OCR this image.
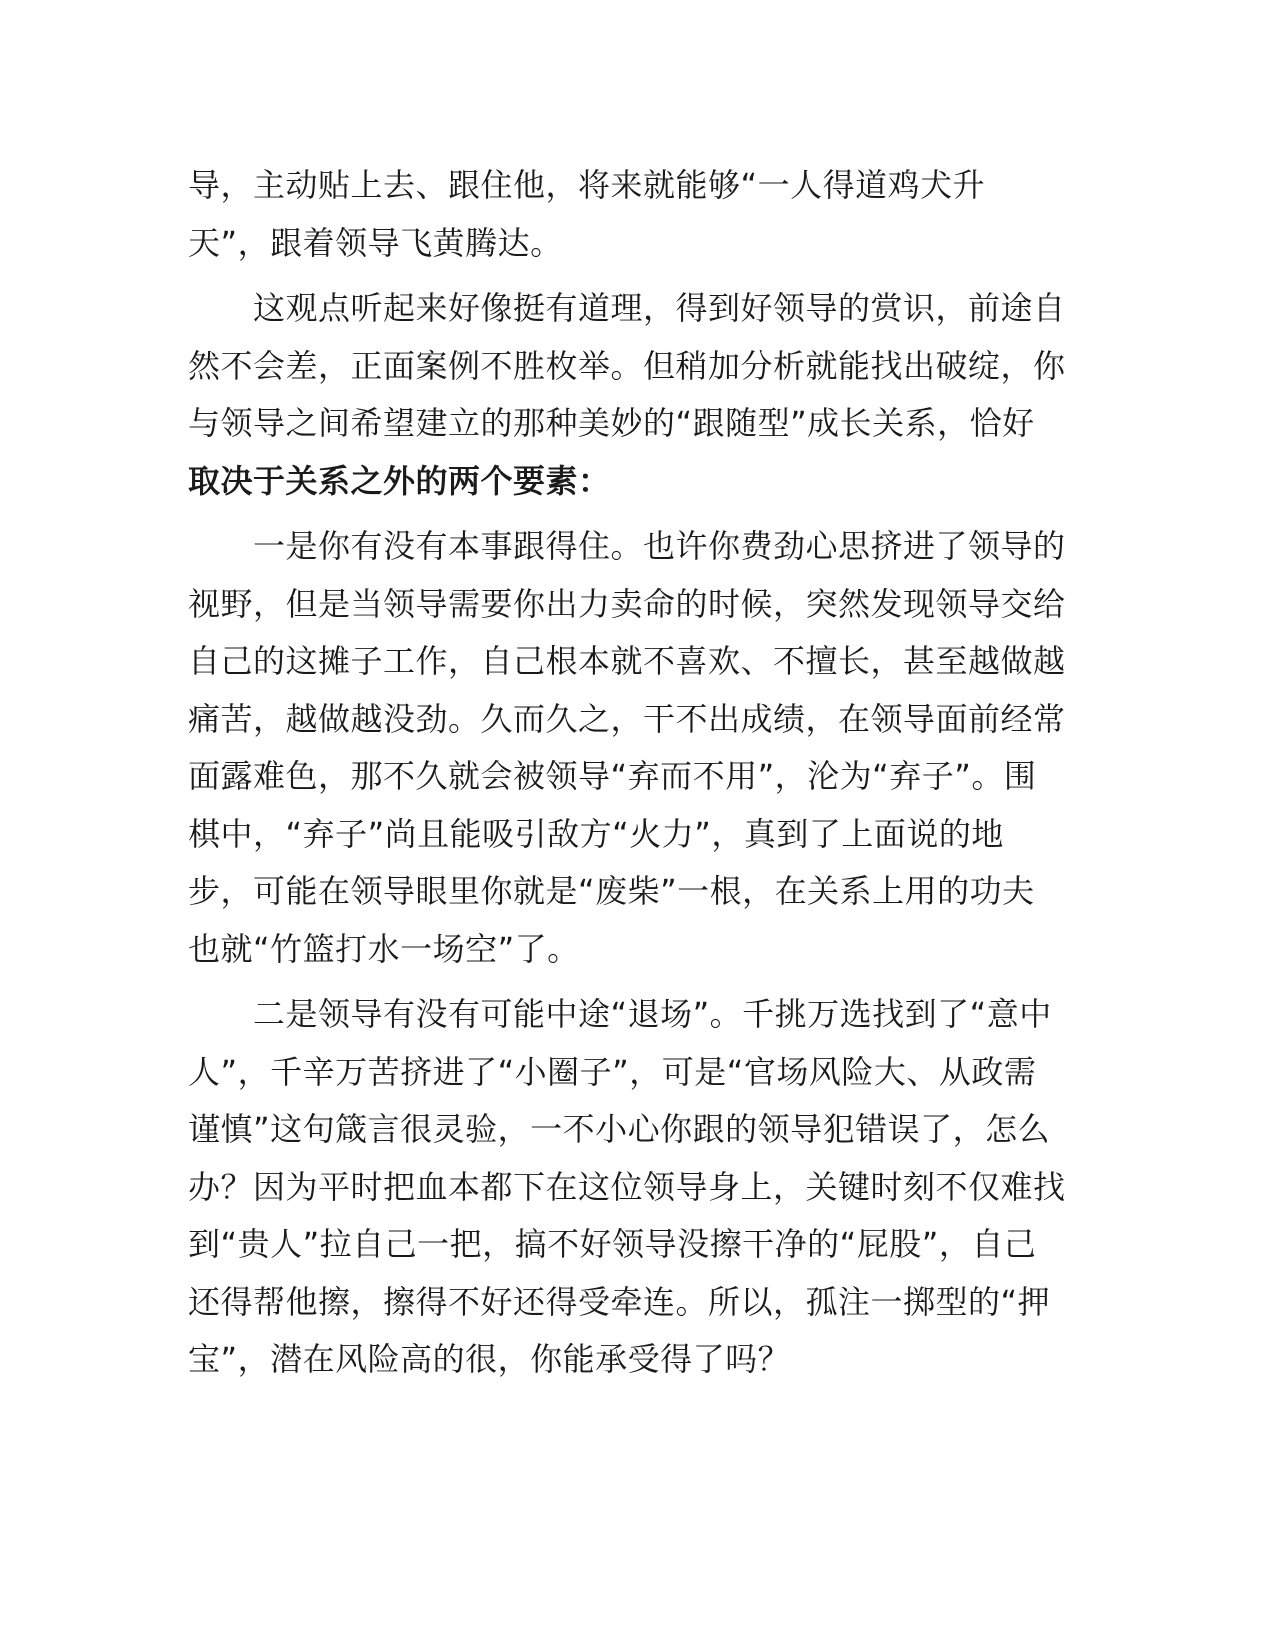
导，主动贴上去、跟住他，将来就能够“一人得道鸡犬升
天”，跟着领导飞黄腾达。
这观点听起来好像挺有道理，得到好领导的赏识，前途自
然不会差，正面案例不胜枚举。但稍加分析就能找出破绽，你
与领导之间希望建立的那种美妙的“跟随型”成长关系，恰好
取决于关系之外的两个要素：
一是你有没有本事跟得住。也许你费劲心思挤进了领导的
视野，但是当领导需要你出力卖命的时候，突然发现领导交给
自己的这摊子工作，自己根本就不喜欢、不擅长，甚至越做越
痛苦，越做越没劲。久而久之，干不出成绩，在领导面前经常
面露难色，那不久就会被领导“弃而不用”，沦为“弃子”。围
棋中，“弃子”尚且能吸引敌方“火力”，真到了上面说的地
步，可能在领导眼里你就是“废柴”一根，在关系上用的功夫
也就“竹篮打水一场空”了。
二是领导有没有可能中途“退场”。千挑万选找到了“意中
人”，千辛万苦挤进了“小圈子”，可是“官场风险大、从政需
谨慎”这句箴言很灵验，一不小心你跟的领导犯错误了，怎么
办？因为平时把血本都下在这位领导身上，关键时刻不仅难找
到“贵人”拉自己一把，搞不好领导没擦干净的“屁股”，自己
还得帮他擦，擦得不好还得受牵连。所以，孤注一掷型的“押
宝”，潜在风险高的很，你能承受得了吗？
